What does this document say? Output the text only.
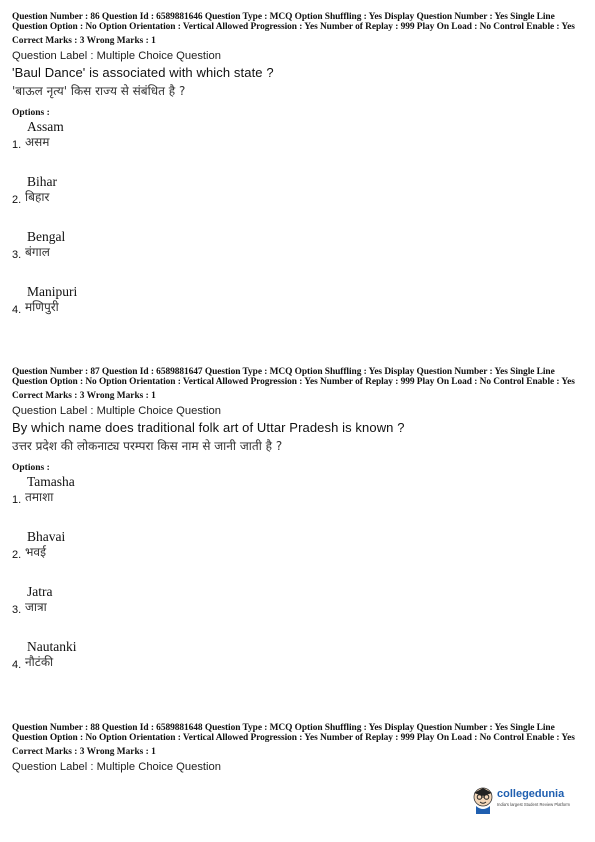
Question Number : 86 Question Id : 6589881646 Question Type : MCQ Option Shuffling : Yes Display Question Number : Yes Single Line Question Option : No Option Orientation : Vertical Allowed Progression : Yes Number of Replay : 999 Play On Load : No Control Enable : Yes
Correct Marks : 3 Wrong Marks : 1
Question Label : Multiple Choice Question
'Baul Dance' is associated with which state ?
'बाऊल नृत्य' किस राज्य से संबंधित है ?
Options :
Assam
1. असम
Bihar
2. बिहार
Bengal
3. बंगाल
Manipuri
4. मणिपुरी
Question Number : 87 Question Id : 6589881647 Question Type : MCQ Option Shuffling : Yes Display Question Number : Yes Single Line Question Option : No Option Orientation : Vertical Allowed Progression : Yes Number of Replay : 999 Play On Load : No Control Enable : Yes
Correct Marks : 3 Wrong Marks : 1
Question Label : Multiple Choice Question
By which name does traditional folk art of Uttar Pradesh is known ?
उत्तर प्रदेश की लोकनाट्य परम्परा किस नाम से जानी जाती है ?
Options :
Tamasha
1. तमाशा
Bhavai
2. भवई
Jatra
3. जात्रा
Nautanki
4. नौटंकी
Question Number : 88 Question Id : 6589881648 Question Type : MCQ Option Shuffling : Yes Display Question Number : Yes Single Line Question Option : No Option Orientation : Vertical Allowed Progression : Yes Number of Replay : 999 Play On Load : No Control Enable : Yes
Correct Marks : 3 Wrong Marks : 1
Question Label : Multiple Choice Question
collegedunia
India's largest Student Review Platform
